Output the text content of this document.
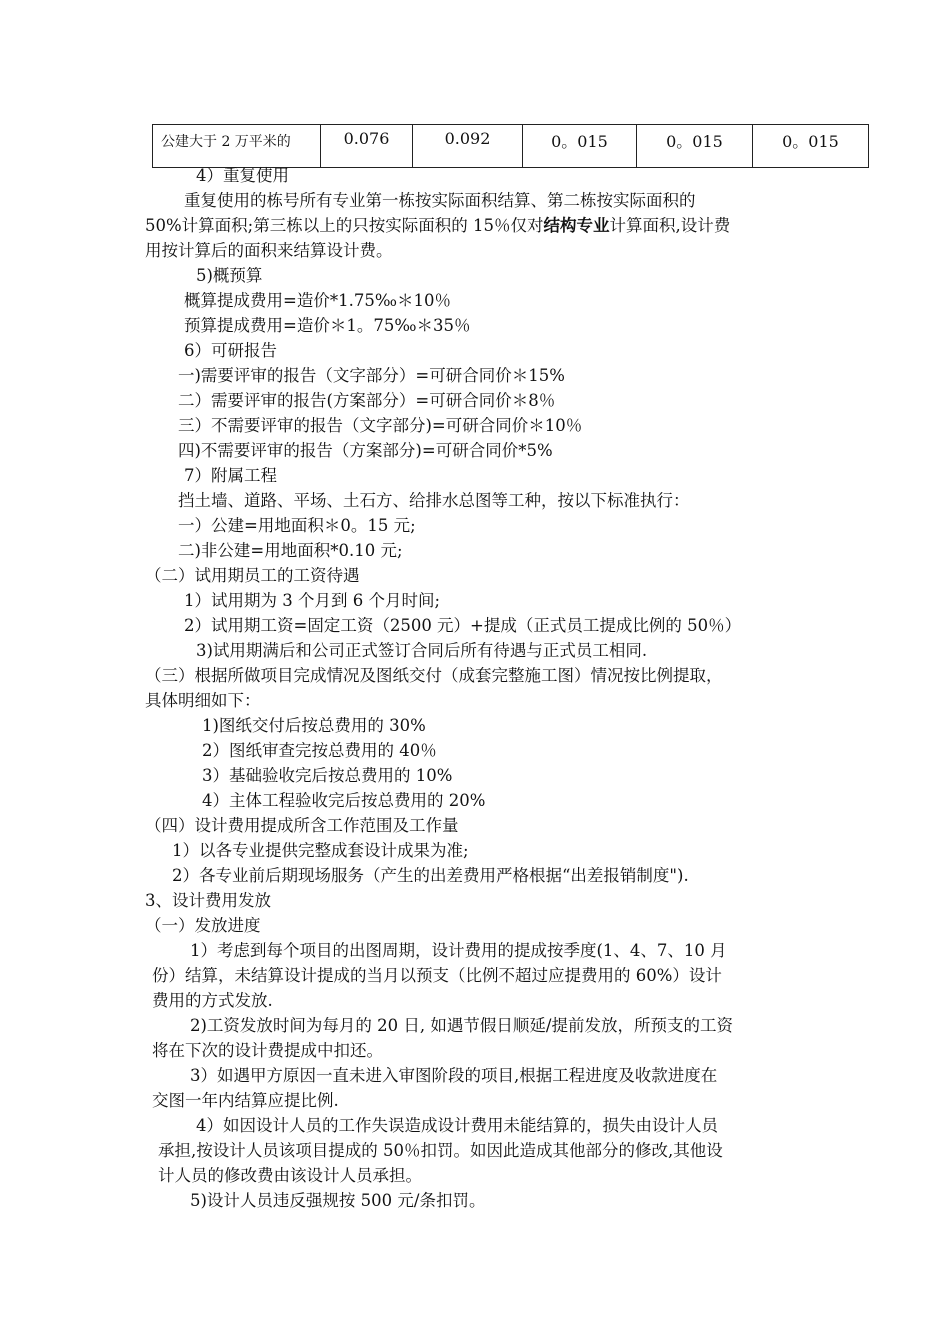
公建大于 2 万平米的	0.076	0.092	0。015	0。015	0。015
4）重复使用
重复使用的栋号所有专业第一栋按实际面积结算、第二栋按实际面积的
50%计算面积;第三栋以上的只按实际面积的 15％仅对结构专业计算面积,设计费
用按计算后的面积来结算设计费。
5)概预算
概算提成费用=造价*1.75‰＊10％
预算提成费用=造价＊1。75‰＊35％
6）可研报告
一)需要评审的报告（文字部分）=可研合同价＊15%
二）需要评审的报告(方案部分）=可研合同价＊8％
三）不需要评审的报告（文字部分)=可研合同价＊10％
四)不需要评审的报告（方案部分)=可研合同价*5%
7）附属工程
挡土墙、道路、平场、土石方、给排水总图等工种，按以下标准执行：
一）公建=用地面积＊0。15 元;
二)非公建=用地面积*0.10 元;
（二）试用期员工的工资待遇
1）试用期为 3 个月到 6 个月时间;
2）试用期工资=固定工资（2500 元）+提成（正式员工提成比例的 50％）
3)试用期满后和公司正式签订合同后所有待遇与正式员工相同.
（三）根据所做项目完成情况及图纸交付（成套完整施工图）情况按比例提取，
具体明细如下：
1)图纸交付后按总费用的 30%
2）图纸审查完按总费用的 40％
3）基础验收完后按总费用的 10%
4）主体工程验收完后按总费用的 20%
（四）设计费用提成所含工作范围及工作量
1）以各专业提供完整成套设计成果为准;
2）各专业前后期现场服务（产生的出差费用严格根据“出差报销制度").
3、设计费用发放
（一）发放进度
1）考虑到每个项目的出图周期，设计费用的提成按季度(1、4、7、10 月
份）结算，未结算设计提成的当月以预支（比例不超过应提费用的 60%）设计
费用的方式发放.
2)工资发放时间为每月的 20 日, 如遇节假日顺延/提前发放，所预支的工资
将在下次的设计费提成中扣还。
3）如遇甲方原因一直未进入审图阶段的项目,根据工程进度及收款进度在
交图一年内结算应提比例.
4）如因设计人员的工作失误造成设计费用未能结算的，损失由设计人员
承担,按设计人员该项目提成的 50％扣罚。如因此造成其他部分的修改,其他设
计人员的修改费由该设计人员承担。
5)设计人员违反强规按 500 元/条扣罚。
